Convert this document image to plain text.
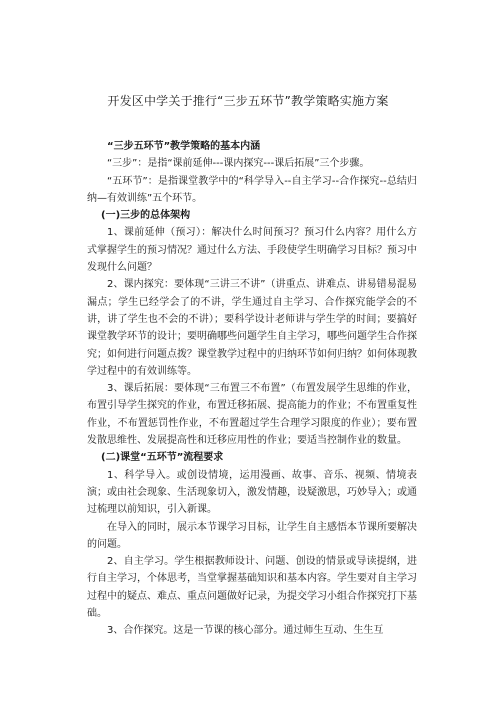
开发区中学关于推行“三步五环节”教学策略实施方案

“三步五环节”教学策略的基本内涵

“三步”：是指“课前延伸---课内探究---课后拓展”三个步骤。

“五环节”：是指课堂教学中的“科学导入--自主学习--合作探究--总结归纳—有效训练”五个环节。

(一)三步的总体架构

1、课前延伸（预习）：解决什么时间预习？预习什么内容？用什么方式掌握学生的预习情况？通过什么方法、手段使学生明确学习目标？预习中发现什么问题？

2、课内探究：要体现“三讲三不讲”（讲重点、讲难点、讲易错易混易漏点；学生已经学会了的不讲，学生通过自主学习、合作探究能学会的不讲，讲了学生也不会的不讲）；要科学设计老师讲与学生学的时间；要搞好课堂教学环节的设计；要明确哪些问题学生自主学习，哪些问题学生合作探究；如何进行问题点拨？课堂教学过程中的归纳环节如何归纳？如何体现教学过程中的有效训练等。

3、课后拓展：要体现“三布置三不布置”（布置发展学生思维的作业，布置引导学生探究的作业，布置迁移拓展、提高能力的作业；不布置重复性作业，不布置惩罚性作业，不布置超过学生合理学习限度的作业）；要布置发散思维性、发展提高性和迁移应用性的作业；要适当控制作业的数量。

(二)课堂“五环节”流程要求

1、科学导入。或创设情境，运用漫画、故事、音乐、视频、情境表演；或由社会现象、生活现象切入，激发情趣，设疑激思，巧妙导入；或通过梳理以前知识，引入新课。

在导入的同时，展示本节课学习目标，让学生自主感悟本节课所要解决的问题。

2、自主学习。学生根据教师设计、问题、创设的情景或导读提纲，进行自主学习，个体思考，当堂掌握基础知识和基本内容。学生要对自主学习过程中的疑点、难点、重点问题做好记录，为提交学习小组合作探究打下基础。

3、合作探究。这是一节课的核心部分。通过师生互动、生生互
